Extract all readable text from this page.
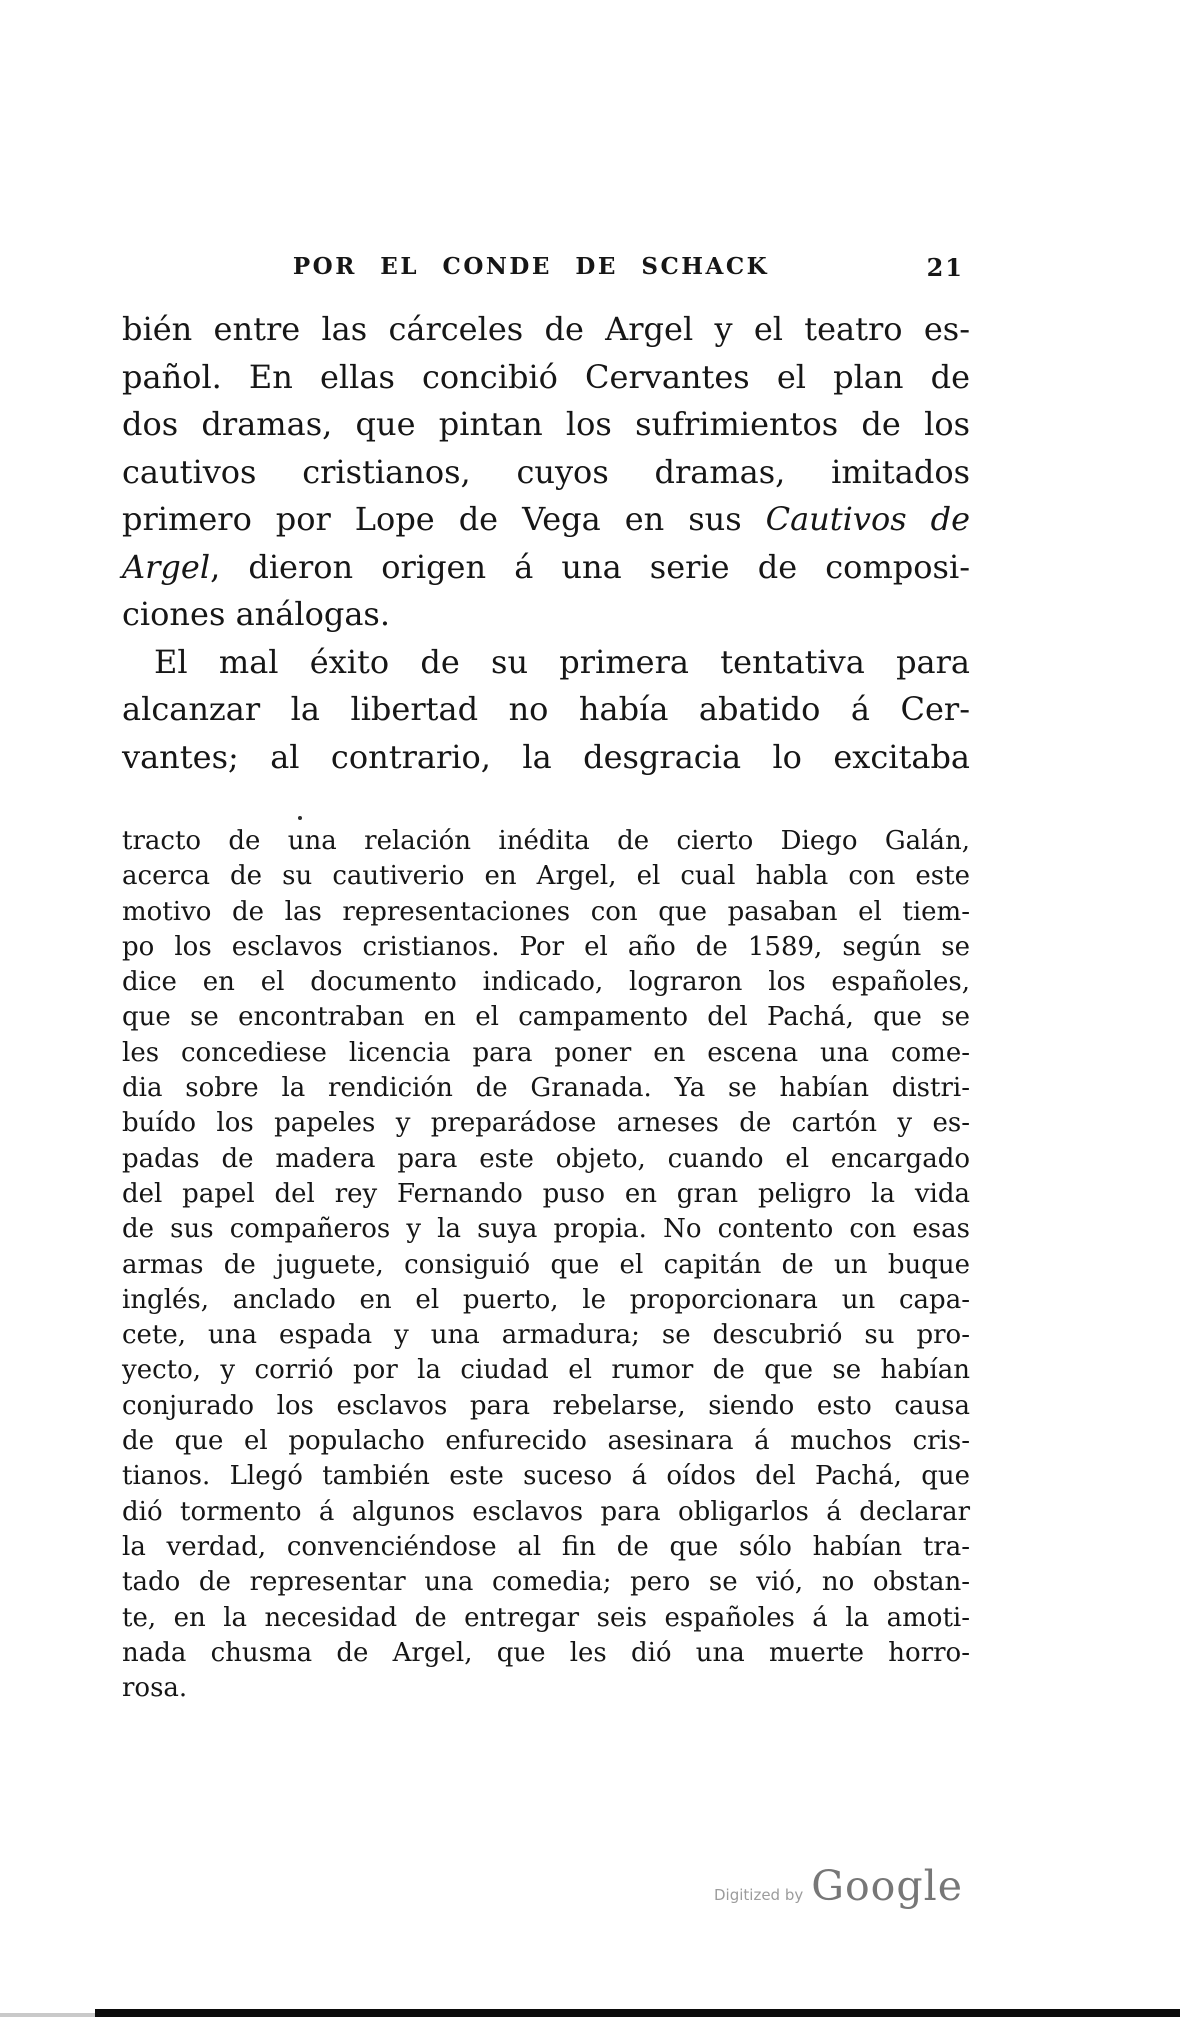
POR EL CONDE DE SCHACK	21
bién entre las cárceles de Argel y el teatro es-
pañol. En ellas concibió Cervantes el plan de
dos dramas, que pintan los sufrimientos de los
cautivos cristianos, cuyos dramas, imitados
primero por Lope de Vega en sus Cautivos de
Argel, dieron origen á una serie de composi-
ciones análogas.
El mal éxito de su primera tentativa para
alcanzar la libertad no había abatido á Cer-
vantes; al contrario, la desgracia lo excitaba
tracto de una relación inédita de cierto Diego Galán,
acerca de su cautiverio en Argel, el cual habla con este
motivo de las representaciones con que pasaban el tiem-
po los esclavos cristianos. Por el año de 1589, según se
dice en el documento indicado, lograron los españoles,
que se encontraban en el campamento del Pachá, que se
les concediese licencia para poner en escena una come-
dia sobre la rendición de Granada. Ya se habían distri-
buído los papeles y preparádose arneses de cartón y es-
padas de madera para este objeto, cuando el encargado
del papel del rey Fernando puso en gran peligro la vida
de sus compañeros y la suya propia. No contento con esas
armas de juguete, consiguió que el capitán de un buque
inglés, anclado en el puerto, le proporcionara un capa-
cete, una espada y una armadura; se descubrió su pro-
yecto, y corrió por la ciudad el rumor de que se habían
conjurado los esclavos para rebelarse, siendo esto causa
de que el populacho enfurecido asesinara á muchos cris-
tianos. Llegó también este suceso á oídos del Pachá, que
dió tormento á algunos esclavos para obligarlos á declarar
la verdad, convenciéndose al fin de que sólo habían tra-
tado de representar una comedia; pero se vió, no obstan-
te, en la necesidad de entregar seis españoles á la amoti-
nada chusma de Argel, que les dió una muerte horro-
rosa.
Digitized by Google
